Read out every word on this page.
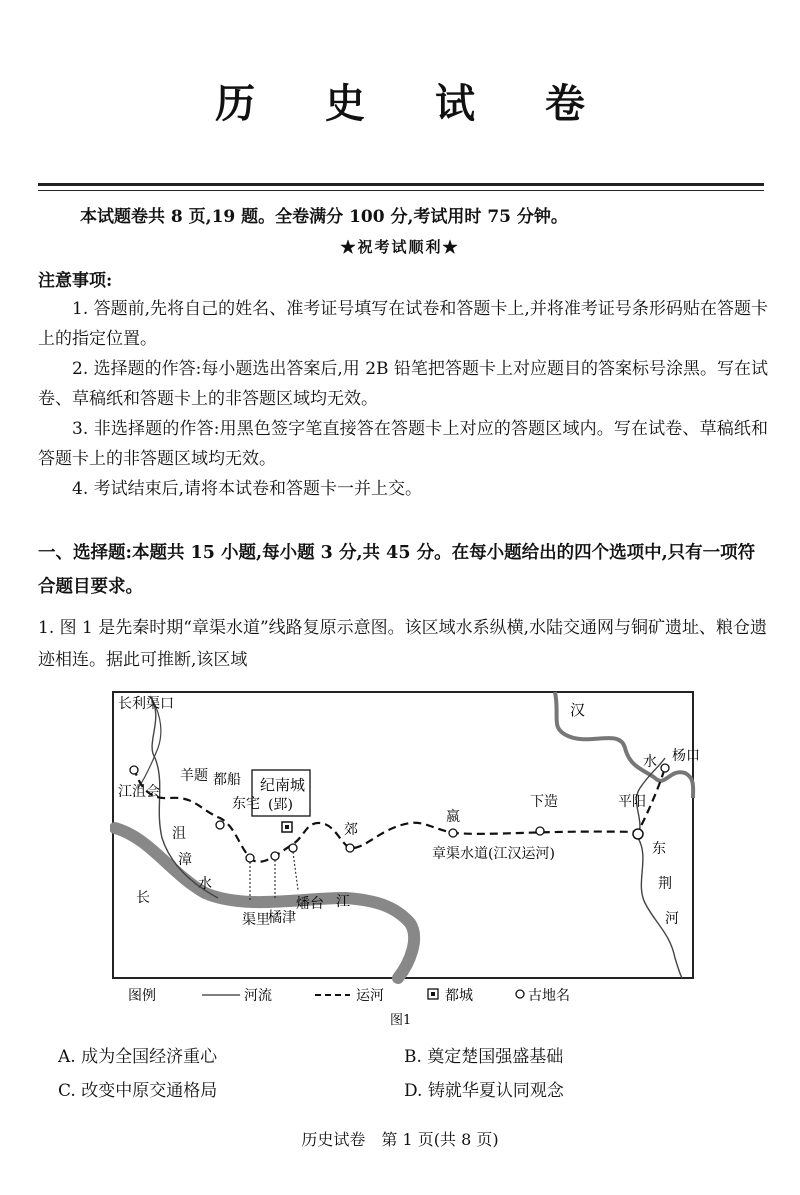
历 史 试 卷
本试题卷共 8 页,19 题。全卷满分 100 分,考试用时 75 分钟。
★祝考试顺利★
注意事项:
1. 答题前,先将自己的姓名、准考证号填写在试卷和答题卡上,并将准考证号条形码贴在答题卡上的指定位置。
2. 选择题的作答:每小题选出答案后,用 2B 铅笔把答题卡上对应题目的答案标号涂黑。写在试卷、草稿纸和答题卡上的非答题区域均无效。
3. 非选择题的作答:用黑色签字笔直接答在答题卡上对应的答题区域内。写在试卷、草稿纸和答题卡上的非答题区域均无效。
4. 考试结束后,请将本试卷和答题卡一并上交。
一、选择题:本题共 15 小题,每小题 3 分,共 45 分。在每小题给出的四个选项中,只有一项符合题目要求。
1. 图 1 是先秦时期“章渠水道”线路复原示意图。该区域水系纵横,水陆交通网与铜矿遗址、粮仓遗迹相连。据此可推断,该区域
长利渠口
江沮会
羊题 都船
东宅
纪南城
(郢)
沮
漳
水
长	江
渠里
橘津
燔台
郊
嬴
下造	平阳
章渠水道(江汉运河)
汉
水 杨口
东
荆
河
图例	河流	运河	都城	古地名
图1
A. 成为全国经济重心	B. 奠定楚国强盛基础
C. 改变中原交通格局	D. 铸就华夏认同观念
历史试卷　第 1 页(共 8 页)
